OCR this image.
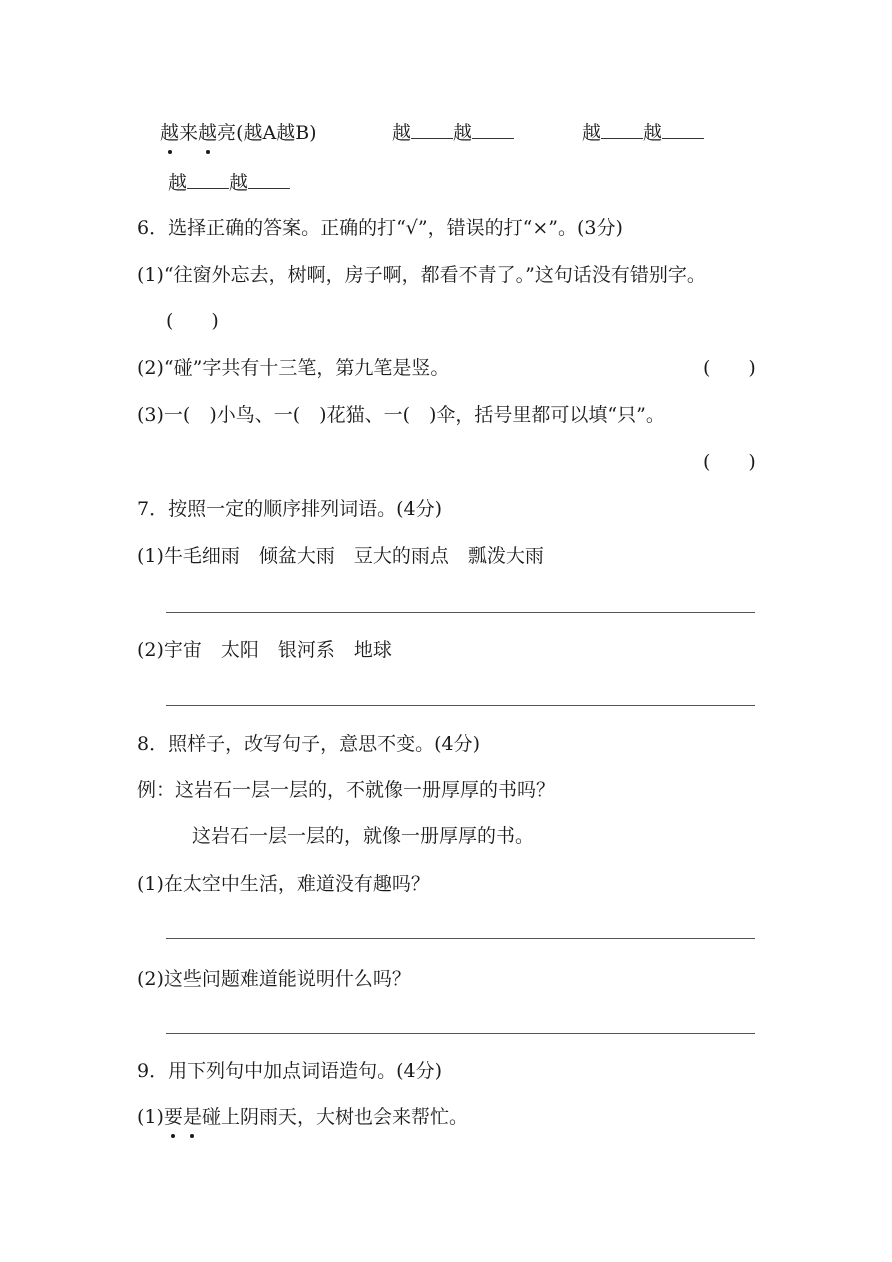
越来越亮(越A越B)	越 越	越 越
越 越
6．选择正确的答案。正确的打“√”，错误的打“×”。(3分)
(1)“往窗外忘去，树啊，房子啊，都看不青了。”这句话没有错别字。
(　　)
(2)“碰”字共有十三笔，第九笔是竖。	(　　)
(3)一(　)小鸟、一(　)花猫、一(　)伞，括号里都可以填“只”。
(　　)
7．按照一定的顺序排列词语。(4分)
(1)牛毛细雨　倾盆大雨　豆大的雨点　瓢泼大雨
(2)宇宙　太阳　银河系　地球
8．照样子，改写句子，意思不变。(4分)
例：这岩石一层一层的，不就像一册厚厚的书吗？
这岩石一层一层的，就像一册厚厚的书。
(1)在太空中生活，难道没有趣吗？
(2)这些问题难道能说明什么吗？
9．用下列句中加点词语造句。(4分)
(1)要是碰上阴雨天，大树也会来帮忙。
